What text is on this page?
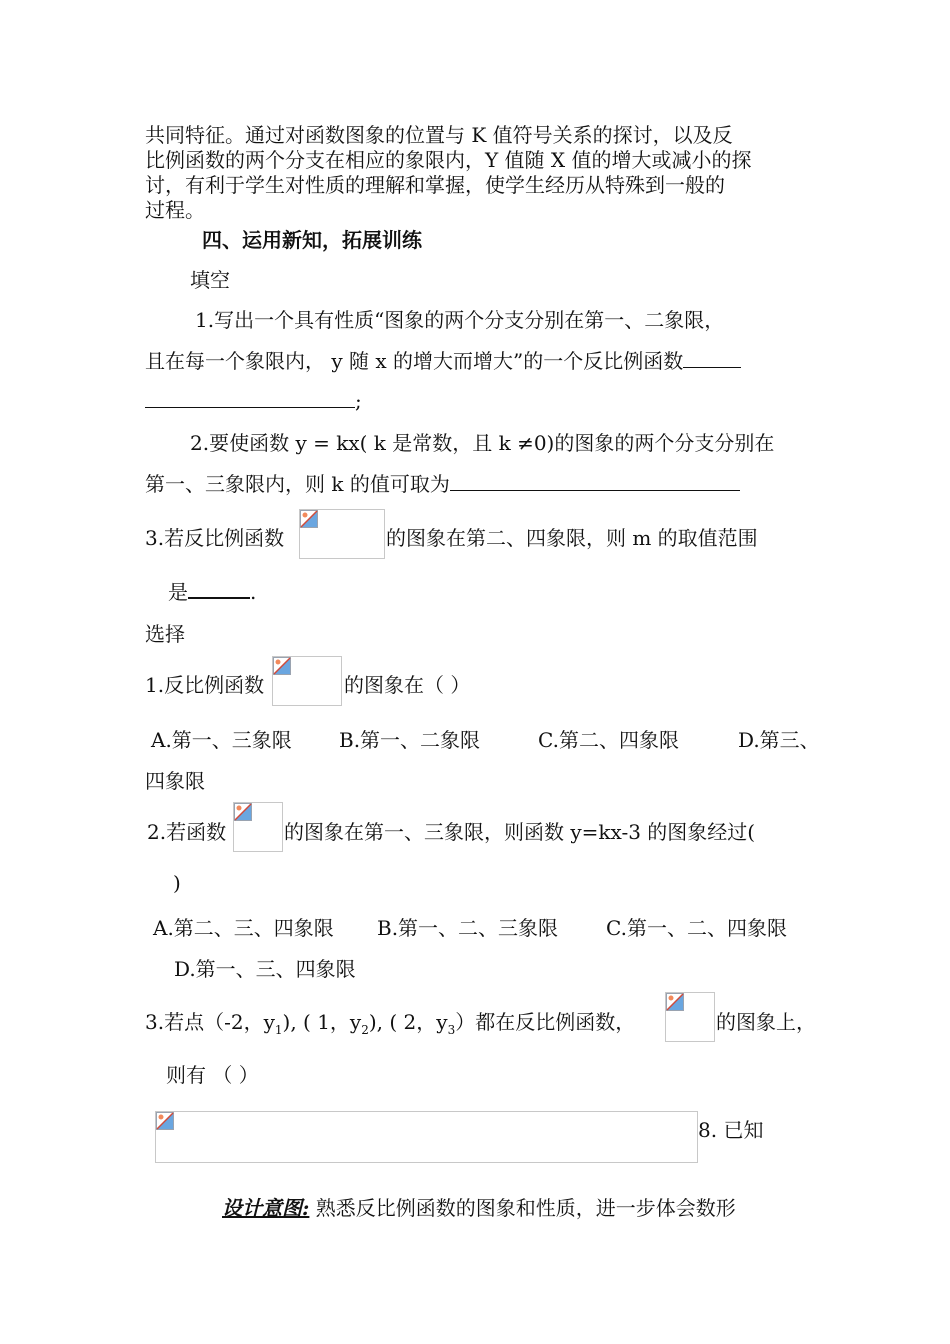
共同特征。通过对函数图象的位置与 K 值符号关系的探讨，以及反
比例函数的两个分支在相应的象限内，Y 值随 X 值的增大或减小的探
讨，有利于学生对性质的理解和掌握，使学生经历从特殊到一般的
过程。
四、运用新知，拓展训练
填空
1.写出一个具有性质“图象的两个分支分别在第一、二象限，
且在每一个象限内， y 随 x 的增大而增大”的一个反比例函数
;
2.要使函数 y = kx( k 是常数，且 k ≠0)的图象的两个分支分别在
第一、三象限内，则 k 的值可取为
3.若反比例函数	的图象在第二、四象限，则 m 的取值范围
是	.
选择
1.反比例函数	的图象在（ ）
A.第一、三象限 B.第一、二象限	C.第二、四象限	D.第三、
四象限
2.若函数	的图象在第一、三象限，则函数 y=kx-3 的图象经过(
)
A.第二、三、四象限 B.第一、二、三象限 C.第一、二、四象限
D.第一、三、四象限
3.若点（-2，$y_1$), ( 1，$y_2$), ( 2，$y_3$）都在反比例函数，	的图象上，
则有 （ ）
8. 已知
设计意图: 熟悉反比例函数的图象和性质，进一步体会数形
